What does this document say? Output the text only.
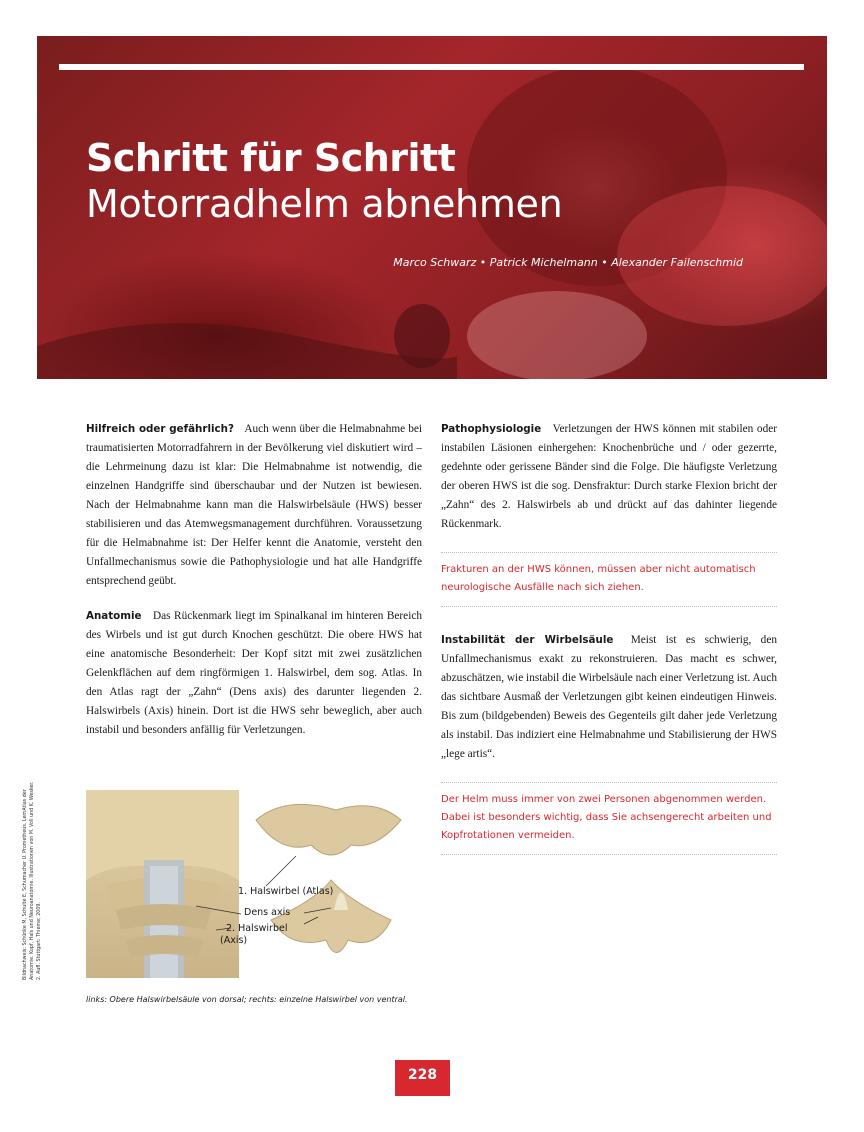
Schritt für Schritt
Motorradhelm abnehmen
Marco Schwarz • Patrick Michelmann • Alexander Failenschmid

Hilfreich oder gefährlich? Auch wenn über die Helmabnahme bei traumatisierten Motorradfahrern in der Bevölkerung viel diskutiert wird – die Lehrmeinung dazu ist klar: Die Helmabnahme ist notwendig, die einzelnen Handgriffe sind überschaubar und der Nutzen ist bewiesen. Nach der Helmabnahme kann man die Halswirbelsäule (HWS) besser stabilisieren und das Atemwegsmanagement durchführen. Voraussetzung für die Helmabnahme ist: Der Helfer kennt die Anatomie, versteht den Unfallmechanismus sowie die Pathophysiologie und hat alle Handgriffe entsprechend geübt.

Anatomie Das Rückenmark liegt im Spinalkanal im hinteren Bereich des Wirbels und ist gut durch Knochen geschützt. Die obere HWS hat eine anatomische Besonderheit: Der Kopf sitzt mit zwei zusätzlichen Gelenkflächen auf dem ringförmigen 1. Halswirbel, dem sog. Atlas. In den Atlas ragt der „Zahn“ (Dens axis) des darunter liegenden 2. Halswirbels (Axis) hinein. Dort ist die HWS sehr beweglich, aber auch instabil und besonders anfällig für Verletzungen.

Pathophysiologie Verletzungen der HWS können mit stabilen oder instabilen Läsionen einhergehen: Knochenbrüche und / oder gezerrte, gedehnte oder gerissene Bänder sind die Folge. Die häufigste Verletzung der oberen HWS ist die sog. Densfraktur: Durch starke Flexion bricht der „Zahn“ des 2. Halswirbels ab und drückt auf das dahinter liegende Rückenmark.

Frakturen an der HWS können, müssen aber nicht automatisch neurologische Ausfälle nach sich ziehen.

Instabilität der Wirbelsäule Meist ist es schwierig, den Unfallmechanismus exakt zu rekonstruieren. Das macht es schwer, abzuschätzen, wie instabil die Wirbelsäule nach einer Verletzung ist. Auch das sichtbare Ausmaß der Verletzungen gibt keinen eindeutigen Hinweis. Bis zum (bildgebenden) Beweis des Gegenteils gilt daher jede Verletzung als instabil. Das indiziert eine Helmabnahme und Stabilisierung der HWS „lege artis“.

Der Helm muss immer von zwei Personen abgenommen werden. Dabei ist besonders wichtig, dass Sie achsengerecht arbeiten und Kopfrotationen vermeiden.
1. Halswirbel (Atlas)
Dens axis
2. Halswirbel
(Axis)
Bildnachweis: Schünke M, Schulte E, Schumacher U. Prometheus. LernAtlas der Anatomie. Kopf, Hals und Neuroanatomie. Illustrationen von M. Voll und K. Wesker. 2. Aufl. Stuttgart: Thieme; 2009.
links: Obere Halswirbelsäule von dorsal; rechts: einzelne Halswirbel von ventral.
228
